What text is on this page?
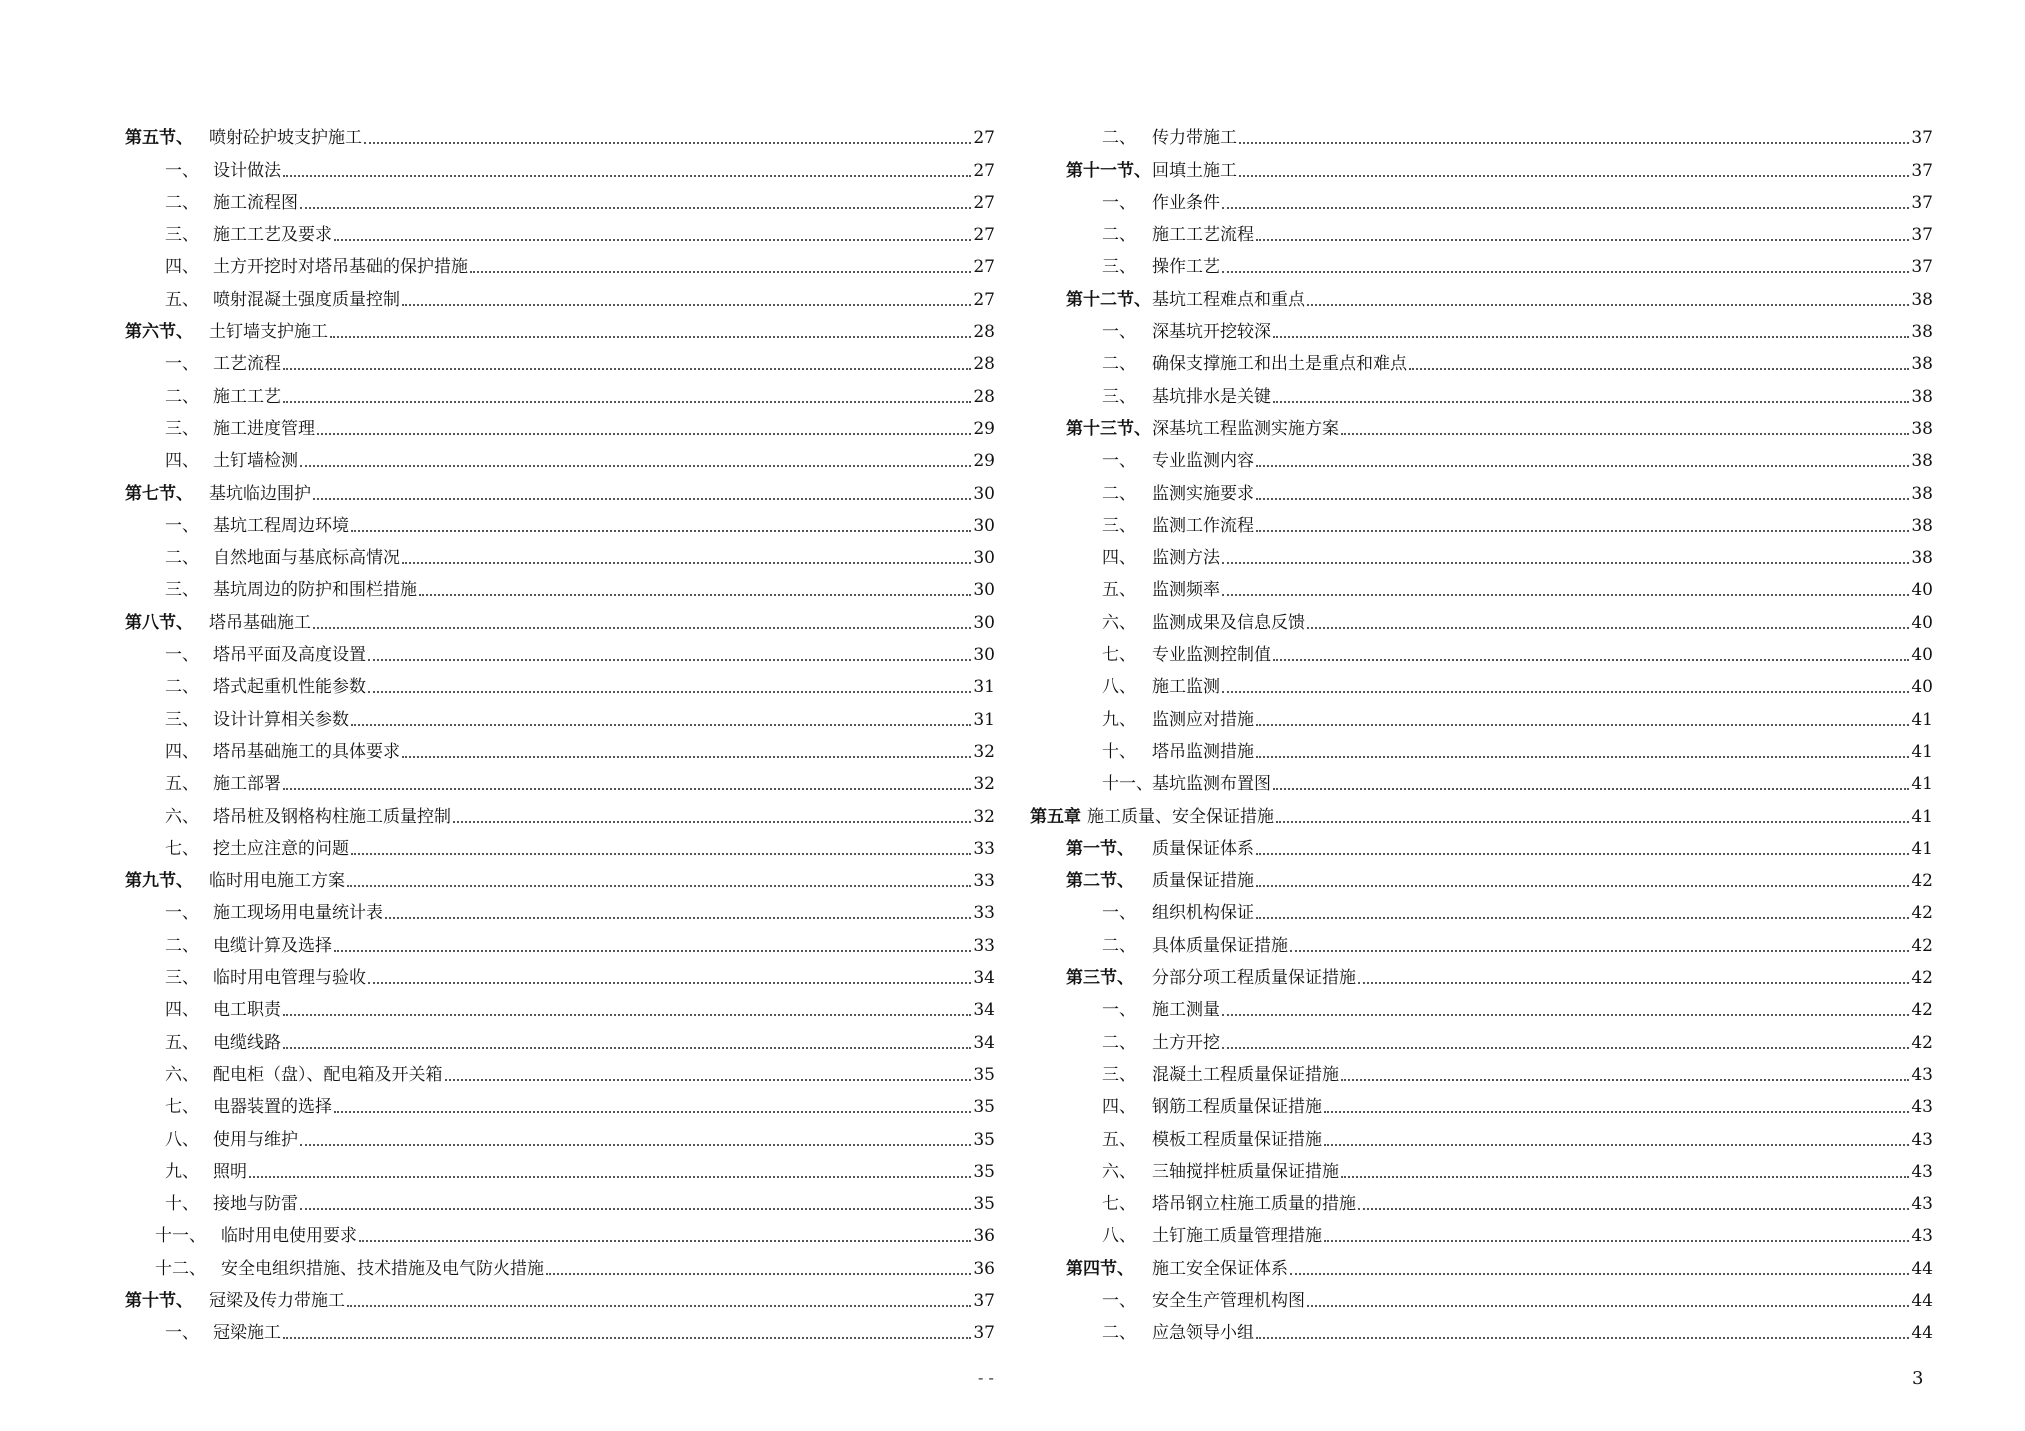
第五节、 喷射砼护坡支护施工	27
一、 设计做法	27
二、 施工流程图	27
三、 施工工艺及要求	27
四、 土方开挖时对塔吊基础的保护措施	27
五、 喷射混凝土强度质量控制	27
第六节、 土钉墙支护施工	28
一、 工艺流程	28
二、 施工工艺	28
三、 施工进度管理	29
四、 土钉墙检测	29
第七节、 基坑临边围护	30
一、 基坑工程周边环境	30
二、 自然地面与基底标高情况	30
三、 基坑周边的防护和围栏措施	30
第八节、 塔吊基础施工	30
一、 塔吊平面及高度设置	30
二、 塔式起重机性能参数	31
三、 设计计算相关参数	31
四、 塔吊基础施工的具体要求	32
五、 施工部署	32
六、 塔吊桩及钢格构柱施工质量控制	32
七、 挖土应注意的问题	33
第九节、 临时用电施工方案	33
一、 施工现场用电量统计表	33
二、 电缆计算及选择	33
三、 临时用电管理与验收	34
四、 电工职责	34
五、 电缆线路	34
六、 配电柜（盘）、配电箱及开关箱	35
七、 电器装置的选择	35
八、 使用与维护	35
九、 照明	35
十、 接地与防雷	35
十一、 临时用电使用要求	36
十二、 安全电组织措施、技术措施及电气防火措施	36
第十节、 冠梁及传力带施工	37
一、 冠梁施工	37
二、 传力带施工	37
第十一节、 回填土施工	37
一、 作业条件	37
二、 施工工艺流程	37
三、 操作工艺	37
第十二节、 基坑工程难点和重点	38
一、 深基坑开挖较深	38
二、 确保支撑施工和出土是重点和难点	38
三、 基坑排水是关键	38
第十三节、 深基坑工程监测实施方案	38
一、 专业监测内容	38
二、 监测实施要求	38
三、 监测工作流程	38
四、 监测方法	38
五、 监测频率	40
六、 监测成果及信息反馈	40
七、 专业监测控制值	40
八、 施工监测	40
九、 监测应对措施	41
十、 塔吊监测措施	41
十一、 基坑监测布置图	41
第五章 施工质量、安全保证措施	41
第一节、	质量保证体系	41
第二节、	质量保证措施	42
一、 组织机构保证	42
二、 具体质量保证措施	42
第三节、	分部分项工程质量保证措施	42
一、 施工测量	42
二、 土方开挖	42
三、 混凝土工程质量保证措施	43
四、 钢筋工程质量保证措施	43
五、 模板工程质量保证措施	43
六、 三轴搅拌桩质量保证措施	43
七、 塔吊钢立柱施工质量的措施	43
八、 土钉施工质量管理措施	43
第四节、	施工安全保证体系	44
一、 安全生产管理机构图	44
二、 应急领导小组	44
- -	3
